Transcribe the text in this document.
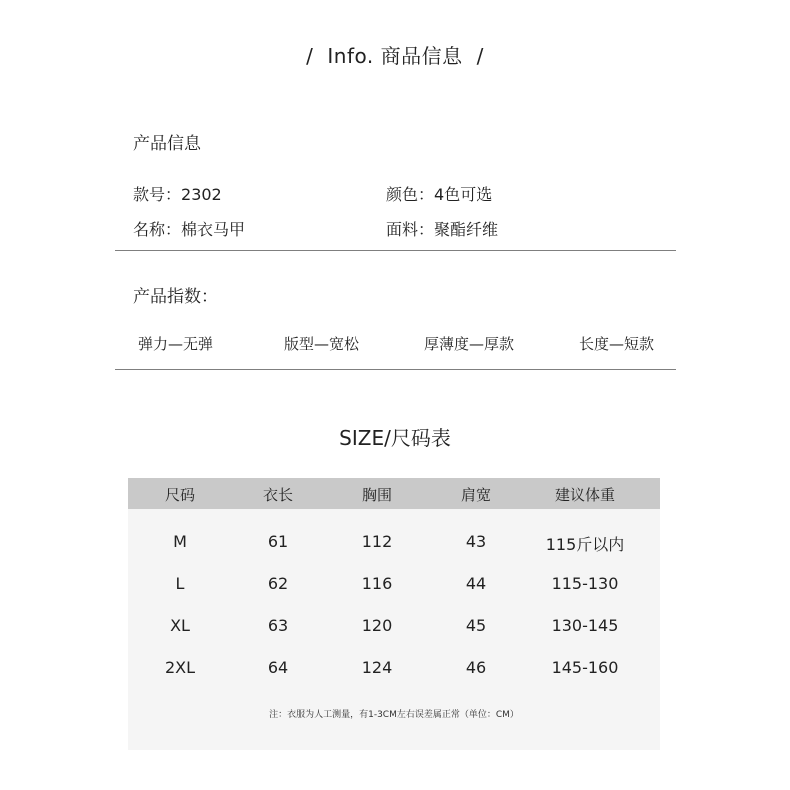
/ Info. 商品信息 /
产品信息
款号：2302	颜色：4色可选
名称：棉衣马甲	面料：聚酯纤维
产品指数：
弹力—无弹	版型—宽松	厚薄度—厚款	长度—短款
SIZE/尺码表
尺码	衣长	胸围	肩宽	建议体重
M	61	112	43	115斤以内
L	62	116	44	115-130
XL	63	120	45	130-145
2XL	64	124	46	145-160
注：衣服为人工测量，有1-3CM左右误差属正常（单位：CM）
